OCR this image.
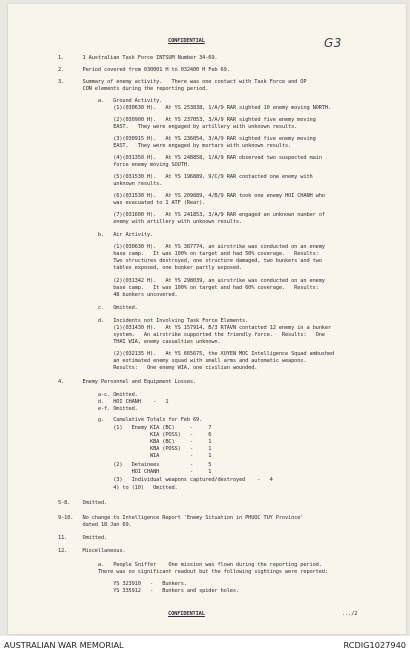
G3
CONFIDENTIAL
1.      1 Australian Task Force INTSUM Number 34-69.
2.      Period covered from 030001 H to 032400 H Feb 69.
3.      Summary of enemy activity.   There was one contact with Task Force and OP
CON elements during the reporting period.
a.   Ground Activity.
(1)(030630 H).   At YS 253838, 1/A/9 RAR sighted 10 enemy moving NORTH.
(2)(030900 H).   At YS 237053, 3/A/9 RAR sighted five enemy moving
EAST.   They were engaged by artillery with unknown results.
(3)(030915 H).   At YS 236054, 3/A/9 RAR sighted five enemy moving
EAST.   They were engaged by mortars with unknown results.
(4)(031350 H).   At YS 248858, 1/A/9 RAR observed two suspected main
force enemy moving SOUTH.
(5)(031530 H).   At YS 196889, 9/C/9 RAR contacted one enemy with
unknown results.
(6)(031530 H).   At YS 209889, 4/B/9 RAR took one enemy HOI CHANH who
was evacuated to 1 ATF (Rear).
(7)(031600 H).   At YS 241853, 3/A/9 RAR engaged an unknown number of
enemy with artillery with unknown results.
b.   Air Activity.
(1)(030630 H).   At YS 387774, an airstrike was conducted on an enemy
base camp.   It was 100% on target and had 50% coverage.   Results:
Two structures destroyed, one structure damaged, two bunkers and two
tables exposed, one bunker partly exposed.
(2)(031342 H).   At YS 298039, an airstrike was conducted on an enemy
base camp.   It was 100% on target and had 60% coverage.   Results:
48 bunkers uncovered.
c.   Omitted.
d.   Incidents not Involving Task Force Elements.
(1)(031430 H).   At YS 157914, B/3 RTAVN contacted 12 enemy in a bunker
system.   An airstrike supported the friendly force.   Results:   One
THAI WIA, enemy casualties unknown.
(2)(032135 H).   At YS 665675, the XUYEN MOC Intelligence Squad ambushed
an estimated enemy squad with small arms and automatic weapons.
Results:   One enemy WIA, one civilian wounded.
4.      Enemy Personnel and Equipment Losses.
a-c. Omitted.
d.   HOI CHANH    -   1
e-f. Omitted.
g.   Cumulative Totals for Feb 69.
(1)   Enemy KIA (BC)     -     7
KIA (POSS)   -     6
KBA (BC)     -     1
KBA (POSS)   -     1
WIA          -     1
(2)   Detainees          -     5
HOI CHANH          -     1
(3)   Individual weapons captured/destroyed    -   4
4) to (10)   Omitted.
5-8.    Omitted.
9-10.   No change to Intelligence Report 'Enemy Situation in PHUOC TUY Province'
dated 18 Jan 69.
11.     Omitted.
12.     Miscellaneous.
a.   People Sniffer    One mission was flown during the reporting period.
There was no significant readout but the following sightings were reported:
YS 323910   -   Bunkers.
YS 335912   -   Bunkers and spider holes.
CONFIDENTIAL	.../2
AUSTRALIAN WAR MEMORIAL	RCDIG1027940
